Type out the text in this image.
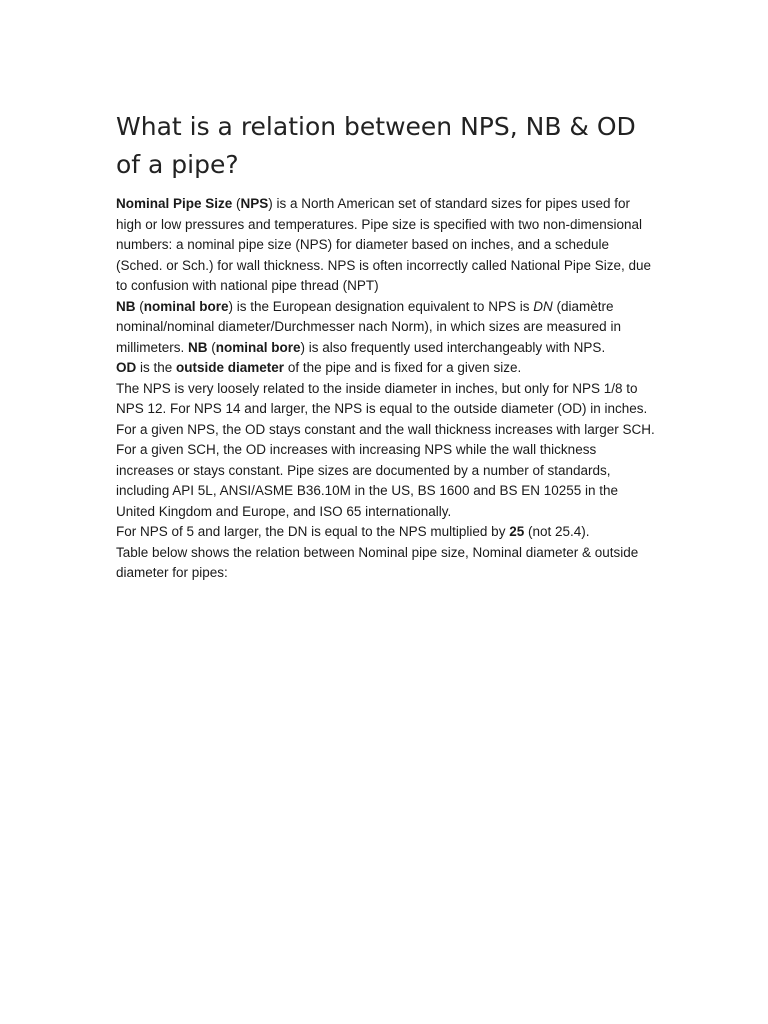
What is a relation between NPS, NB & OD of a pipe?

Nominal Pipe Size (NPS) is a North American set of standard sizes for pipes used for high or low pressures and temperatures. Pipe size is specified with two non-dimensional numbers: a nominal pipe size (NPS) for diameter based on inches, and a schedule (Sched. or Sch.) for wall thickness. NPS is often incorrectly called National Pipe Size, due to confusion with national pipe thread (NPT)

NB (nominal bore) is the European designation equivalent to NPS is DN (diamètre nominal/nominal diameter/Durchmesser nach Norm), in which sizes are measured in millimeters. NB (nominal bore) is also frequently used interchangeably with NPS.

OD is the outside diameter of the pipe and is fixed for a given size.

The NPS is very loosely related to the inside diameter in inches, but only for NPS 1/8 to NPS 12. For NPS 14 and larger, the NPS is equal to the outside diameter (OD) in inches. For a given NPS, the OD stays constant and the wall thickness increases with larger SCH. For a given SCH, the OD increases with increasing NPS while the wall thickness increases or stays constant. Pipe sizes are documented by a number of standards, including API 5L, ANSI/ASME B36.10M in the US, BS 1600 and BS EN 10255 in the United Kingdom and Europe, and ISO 65 internationally.

For NPS of 5 and larger, the DN is equal to the NPS multiplied by 25 (not 25.4).

Table below shows the relation between Nominal pipe size, Nominal diameter & outside diameter for pipes:
